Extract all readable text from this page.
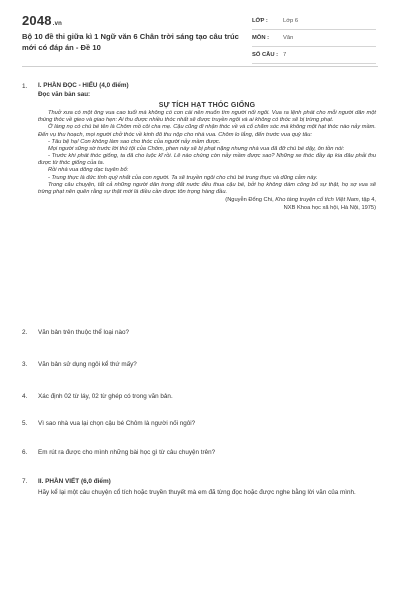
2048.vn
Bộ 10 đề thi giữa kì 1 Ngữ văn 6 Chân trời sáng tạo câu trúc mới có đáp án - Đề 10
LỚP :	Lớp 6
MÔN :	Văn
SỐ CÂU : 7
1.	I. PHẦN ĐỌC - HIỂU (4,0 điểm)
Đọc văn bản sau:
SỰ TÍCH HẠT THÓC GIỐNG

Thuở xưa có một ông vua cao tuổi mà không có con cái nên muốn tìm người nối ngôi. Vua ra lệnh phát cho mỗi người dân một thúng thóc về gieo và giao hẹn: Ai thu được nhiều thóc nhất sẽ được truyền ngôi và ai không có thóc sẽ bị trừng phạt.

Ở làng nọ có chú bé tên là Chôm mồ côi cha mẹ. Cậu cũng đi nhận thóc về và cố chăm sóc mà không một hạt thóc nào nảy mầm. Đến vụ thu hoạch, mọi người chở thóc về kinh đô thu nộp cho nhà vua. Chôm lo lắng, đến trước vua quỳ tâu:

- Tâu bệ hạ! Con không làm sao cho thóc của người nảy mầm được.

Mọi người sững sờ trước lời thú tội của Chôm, phen này sẽ bị phạt nặng nhưng nhà vua đã đỡ chú bé dậy, ôn tồn nói:

- Trước khi phát thóc giống, ta đã cho luộc kĩ rồi. Lẽ nào chúng còn nảy mầm được sao? Những xe thóc đầy áp kia đâu phải thu được từ thóc giống của ta.

Rồi nhà vua dõng dạc tuyên bố:

- Trung thực là đức tính quý nhất của con người. Ta sẽ truyền ngôi cho chú bé trung thực và dũng cảm này.

Trong câu chuyện, tất cả những người dân trong đất nước đều thua cậu bé, bởi họ không dám công bố sự thật, họ sợ vua sẽ trừng phạt nên quên rằng sự thật mới là điều cần được tôn trọng hàng đầu.

(Nguyễn Đổng Chi, Kho tàng truyện cổ tích Việt Nam, tập 4,
NXB Khoa học xã hội, Hà Nội, 1975)
2.	Văn bản trên thuộc thể loại nào?
3.	Văn bản sử dụng ngôi kể thứ mấy?
4.	Xác định 02 từ láy, 02 từ ghép có trong văn bản.
5.	Vì sao nhà vua lại chọn cậu bé Chôm là người nối ngôi?
6.	Em rút ra được cho mình những bài học gì từ câu chuyện trên?
7.	II. PHẦN VIẾT (6,0 điểm)
Hãy kể lại một câu chuyện cổ tích hoặc truyền thuyết mà em đã từng đọc hoặc được nghe bằng lời văn của mình.
